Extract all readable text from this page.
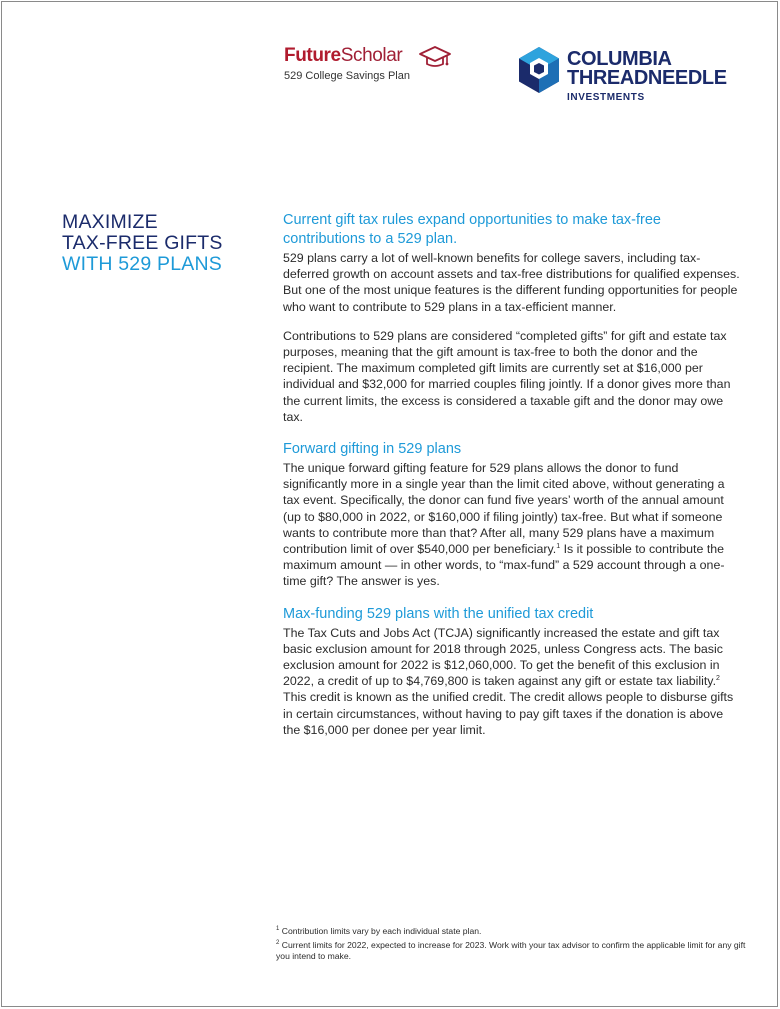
FutureScholar
529 College Savings Plan
COLUMBIA
THREADNEEDLE
INVESTMENTS
MAXIMIZE
TAX-FREE GIFTS
WITH 529 PLANS
Current gift tax rules expand opportunities to make tax-free contributions to a 529 plan.

529 plans carry a lot of well-known benefits for college savers, including tax-deferred growth on account assets and tax-free distributions for qualified expenses. But one of the most unique features is the different funding opportunities for people who want to contribute to 529 plans in a tax-efficient manner.

Contributions to 529 plans are considered “completed gifts” for gift and estate tax purposes, meaning that the gift amount is tax-free to both the donor and the recipient. The maximum completed gift limits are currently set at $16,000 per individual and $32,000 for married couples filing jointly. If a donor gives more than the current limits, the excess is considered a taxable gift and the donor may owe tax.

Forward gifting in 529 plans

The unique forward gifting feature for 529 plans allows the donor to fund significantly more in a single year than the limit cited above, without generating a tax event. Specifically, the donor can fund five years’ worth of the annual amount (up to $80,000 in 2022, or $160,000 if filing jointly) tax-free. But what if someone wants to contribute more than that? After all, many 529 plans have a maximum contribution limit of over $540,000 per beneficiary.$^1$ Is it possible to contribute the maximum amount — in other words, to “max-fund” a 529 account through a one-time gift? The answer is yes.

Max-funding 529 plans with the unified tax credit

The Tax Cuts and Jobs Act (TCJA) significantly increased the estate and gift tax basic exclusion amount for 2018 through 2025, unless Congress acts. The basic exclusion amount for 2022 is $12,060,000. To get the benefit of this exclusion in 2022, a credit of up to $4,769,800 is taken against any gift or estate tax liability.$^2$ This credit is known as the unified credit. The credit allows people to disburse gifts in certain circumstances, without having to pay gift taxes if the donation is above the $16,000 per donee per year limit.

$^1$ Contribution limits vary by each individual state plan.
$^2$ Current limits for 2022, expected to increase for 2023. Work with your tax advisor to confirm the applicable limit for any gift you intend to make.
